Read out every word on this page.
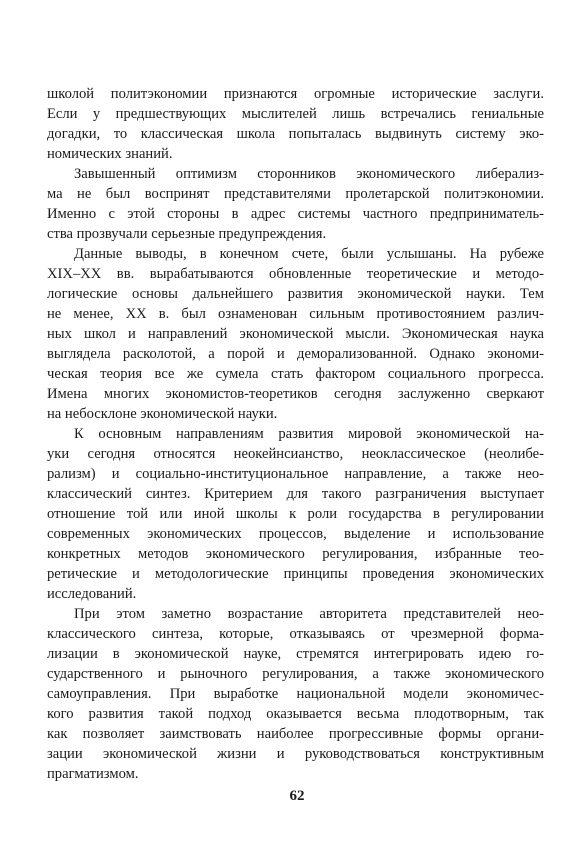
школой политэкономии признаются огромные исторические заслуги.
Если у предшествующих мыслителей лишь встречались гениальные
догадки, то классическая школа попыталась выдвинуть систему эко-
номических знаний.
Завышенный оптимизм сторонников экономического либерализ-
ма не был воспринят представителями пролетарской политэкономии.
Именно с этой стороны в адрес системы частного предприниматель-
ства прозвучали серьезные предупреждения.
Данные выводы, в конечном счете, были услышаны. На рубеже
XIX–XX вв. вырабатываются обновленные теоретические и методо-
логические основы дальнейшего развития экономической науки. Тем
не менее, XX в. был ознаменован сильным противостоянием различ-
ных школ и направлений экономической мысли. Экономическая наука
выглядела расколотой, а порой и деморализованной. Однако экономи-
ческая теория все же сумела стать фактором социального прогресса.
Имена многих экономистов-теоретиков сегодня заслуженно сверкают
на небосклоне экономической науки.
К основным направлениям развития мировой экономической на-
уки сегодня относятся неокейнсианство, неоклассическое (неолибе-
рализм) и социально-институциональное направление, а также нео-
классический синтез. Критерием для такого разграничения выступает
отношение той или иной школы к роли государства в регулировании
современных экономических процессов, выделение и использование
конкретных методов экономического регулирования, избранные тео-
ретические и методологические принципы проведения экономических
исследований.
При этом заметно возрастание авторитета представителей нео-
классического синтеза, которые, отказываясь от чрезмерной форма-
лизации в экономической науке, стремятся интегрировать идею го-
сударственного и рыночного регулирования, а также экономического
самоуправления. При выработке национальной модели экономичес-
кого развития такой подход оказывается весьма плодотворным, так
как позволяет заимствовать наиболее прогрессивные формы органи-
зации экономической жизни и руководствоваться конструктивным
прагматизмом.
62
